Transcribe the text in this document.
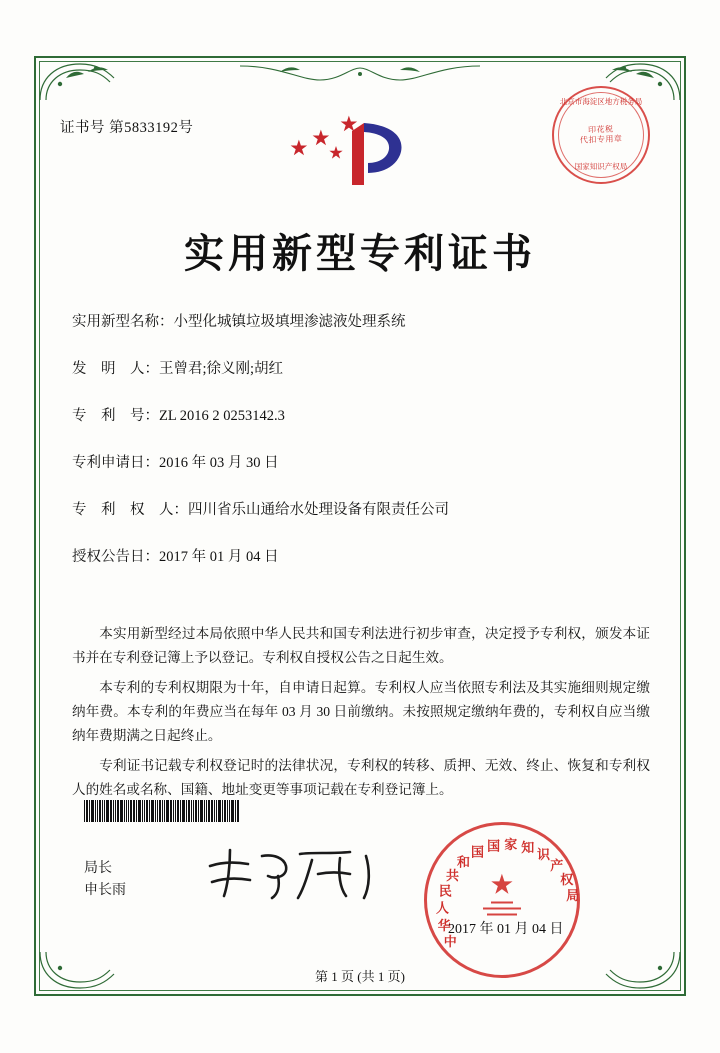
证书号 第5833192号
北京市海淀区地方税务局
印花税
代扣专用章
国家知识产权局
实用新型专利证书
实用新型名称：小型化城镇垃圾填埋渗滤液处理系统
发　明　人：王曾君;徐义刚;胡红
专　利　号：ZL 2016 2 0253142.3
专利申请日：2016 年 03 月 30 日
专　利　权　人：四川省乐山通给水处理设备有限责任公司
授权公告日：2017 年 01 月 04 日

本实用新型经过本局依照中华人民共和国专利法进行初步审查，决定授予专利权，颁发本证书并在专利登记簿上予以登记。专利权自授权公告之日起生效。

本专利的专利权期限为十年，自申请日起算。专利权人应当依照专利法及其实施细则规定缴纳年费。本专利的年费应当在每年 03 月 30 日前缴纳。未按照规定缴纳年费的，专利权自应当缴纳年费期满之日起终止。

专利证书记载专利权登记时的法律状况，专利权的转移、质押、无效、终止、恢复和专利权人的姓名或名称、国籍、地址变更等事项记载在专利登记簿上。

局长
申长雨
中
华
人
民
共
和
国 国 家 知 识
产
权
局
2017 年 01 月 04 日
第 1 页 (共 1 页)
